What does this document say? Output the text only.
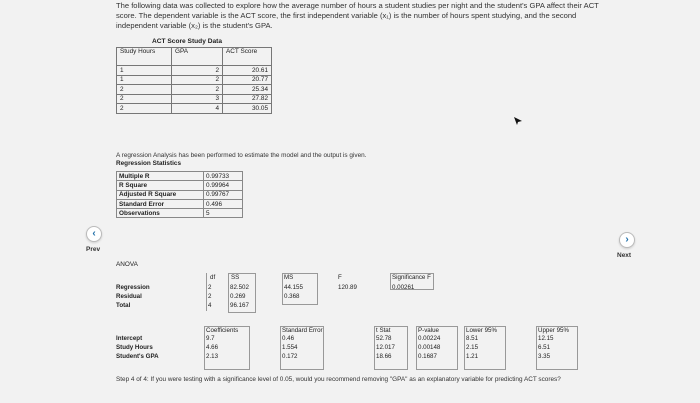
The following data was collected to explore how the average number of hours a student studies per night and the student's GPA affect their ACT score. The dependent variable is the ACT score, the first independent variable (x₁) is the number of hours spent studying, and the second independent variable (x₂) is the student's GPA.
ACT Score Study Data
Study Hours	GPA	ACT Score
1	2	20.61
1	2	20.77
2	2	25.34
2	3	27.82
2	4	30.05
A regression Analysis has been performed to estimate the model and the output is given.
Regression Statistics
Multiple R	0.99733
R Square	0.99964
Adjusted R Square	0.99767
Standard Error	0.496
Observations	5
‹
Prev
›
Next
ANOVA
df	SS	MS	F	Significance F
Regression	2	82.502	44.155	120.89	0.00261
Residual	2	0.269	0.368
Total	4	96.167
Coefficients	Standard Error	t Stat	P-value	Lower 95%	Upper 95%
Intercept	9.7	0.46	52.78	0.00224	8.51	12.15
Study Hours	4.66	1.554	12.017	0.00148	2.15	6.51
Student's GPA	2.13	0.172	18.66	0.1687	1.21	3.35
Step 4 of 4: If you were testing with a significance level of 0.05, would you recommend removing "GPA" as an explanatory variable for predicting ACT scores?
